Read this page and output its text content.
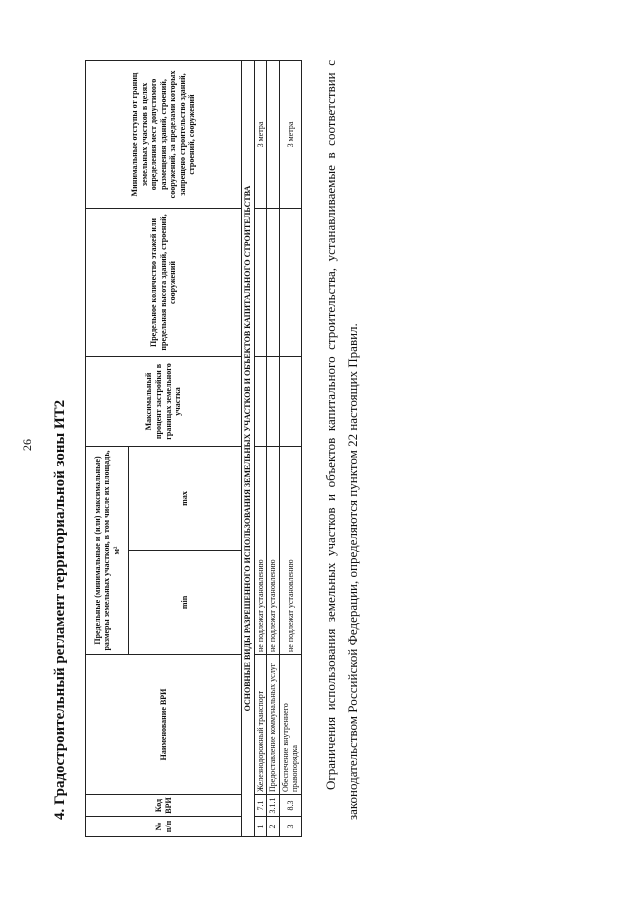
26 4. Градостроительный регламент территориальной зоны ИТ2
№ п/п	Код ВРИ	Наименование ВРИ	Предельные (минимальные и (или) максимальные) размеры земельных участков, в том числе их площадь, м²		Максимальный процент застройки в границах земельного участка	Предельное количество этажей или предельная высота зданий, строений, сооружений	Минимальные отступы от границ земельных участков в целях определения мест допустимого размещения зданий, строений, сооружений, за пределами которых запрещено строительство зданий, строений, сооружений
			min	max			
ОСНОВНЫЕ ВИДЫ РАЗРЕШЕННОГО ИСПОЛЬЗОВАНИЯ ЗЕМЕЛЬНЫХ УЧАСТКОВ И ОБЪЕКТОВ КАПИТАЛЬНОГО СТРОИТЕЛЬСТВА							
1	7.1	Железнодорожный транспорт	не подлежат установлению				3 метра
2	3.1.1	Предоставление коммунальных услуг	не подлежат установлению				
3	8.3	Обеспечение внутреннего правопорядка	не подлежат установлению				3 метра Ограничения использования земельных участков и объектов капитального строительства, устанавливаемые в соответствии с законодательством Российской Федерации, определяются пунктом 22 настоящих Правил.
